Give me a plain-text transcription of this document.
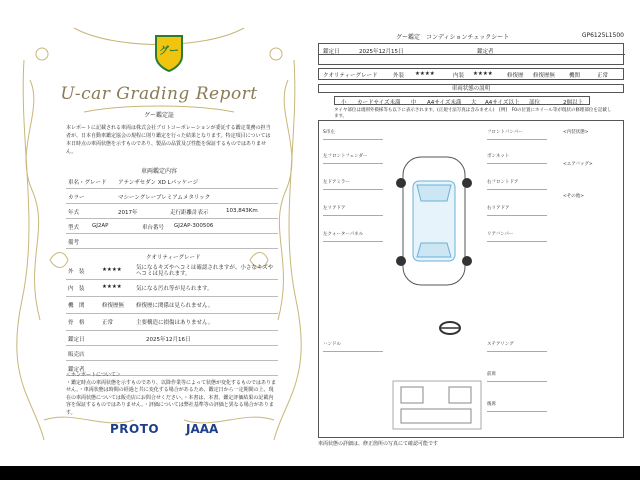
グー
U-car Grading Report
グー鑑定証
本レポートに記載される車両は株式会社プロトコーポレーションが委託する鑑定業務の担当者が、日本自動車鑑定協会の規程に則り鑑定を行った結果となります。特定項目については本日時点の車両状態を示すものであり、製品の品質及び性能を保証するものではありません。
車両鑑定内容
車名・グレード アテンザセダン XD Lパッケージ
カラー	マシーングレープレミアムメタリック
年式	2017年	走行距離計表示	103,843Km
型式 GJ2AP	車台番号 GJ2AP-300506
備考
クオリティーグレード
外　装	★★★★	気になるキズやヘコミは確認されますが、小さなキズやヘコミは見られます。
内　装	★★★★	気になる汚れ等が見られます。
機　関	修復歴無 修復歴に関係は見られません。
骨　格	正常	主要構造に損傷はありません。
鑑定日	2025年12月16日
販売店
鑑定者
＜ホンポートについて＞
・鑑定時点の車両状態を示すものであり、以降作業等によって状態が変化するものではありません。・車両状態は時間の経過と共に変化する場合があるため、鑑定日から一定期間の上、現在の車両状態については販売店にお問合せください。・本書は、本書、鑑定評価結果の記載内容を保証するものではありません。・評価については弊社基準等の評価と異なる場合があります。
PROTO JAAA
グー鑑定　コンディションチェックシート	GP6125L1500
鑑定日	2025年12月15日	鑑定者
クオリティーグレード	外装 ★★★★	内装 ★★★★	修復歴 修復歴無	機関	正常
車両状態の説明
小 カードサイズ未満 中 A4サイズ未満 大 A4サイズ以上 部位	2個以上
タイヤ部位は規則外模様等も以下に表示されます。(正規寸法写真は含みません)　[例]　F0の位置にホイール等が現状の修理部位を記載します。
S市左
左フロントフェンダー
左ドアミラー
左リアドア
左クォーターパネル
フロントバンパー
ボンネット
右フロントドア
右リアドア
リアバンパー
ハンドル	ステアリング
前席
後席
<内装状態>
<エアバッグ>
<その他>
車両状態の詳細は、修正箇所の写真にて確認可能です
